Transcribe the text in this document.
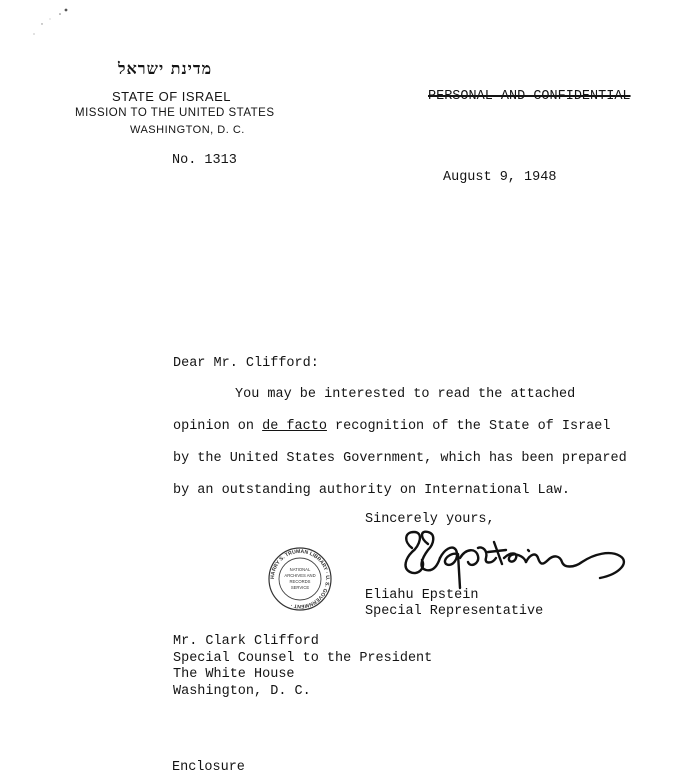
מדינת ישראל
STATE OF ISRAEL
MISSION TO THE UNITED STATES
WASHINGTON, D. C.
PERSONAL AND CONFIDENTIAL
No. 1313
August 9, 1948
Dear Mr. Clifford:

You may be interested to read the attached

opinion on de facto recognition of the State of Israel

by the United States Government, which has been prepared

by an outstanding authority on International Law.

Sincerely yours,
HARRY S. TRUMAN LIBRARY · U. S. GOVERNMENT ·
NATIONAL
ARCHIVES AND
RECORDS
SERVICE
Eliahu Epstein
Special Representative
Mr. Clark Clifford
Special Counsel to the President
The White House
Washington, D. C.
Enclosure
